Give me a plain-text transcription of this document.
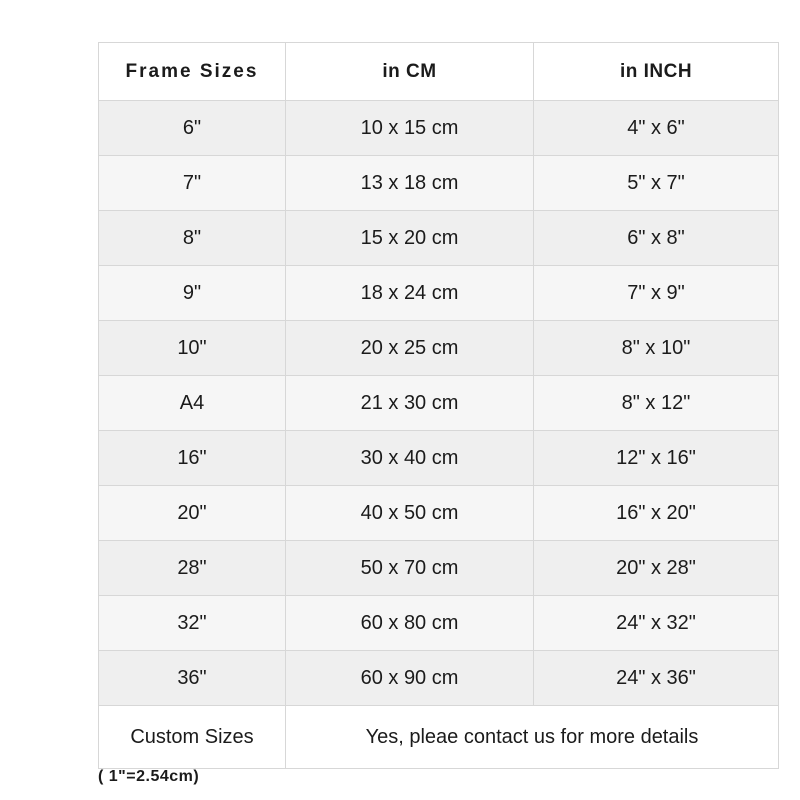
Frame Sizes	in CM	in INCH
6"	10 x 15 cm	4" x 6"
7"	13 x 18 cm	5" x 7"
8"	15 x 20 cm	6" x 8"
9"	18 x 24 cm	7" x 9"
10"	20 x 25 cm	8" x 10"
A4	21 x 30 cm	8" x 12"
16"	30 x 40 cm	12" x 16"
20"	40 x 50 cm	16" x 20"
28"	50 x 70 cm	20" x 28"
32"	60 x 80 cm	24" x 32"
36"	60 x 90 cm	24" x 36"
Custom Sizes	Yes, pleae contact us for more details	
( 1"=2.54cm)
